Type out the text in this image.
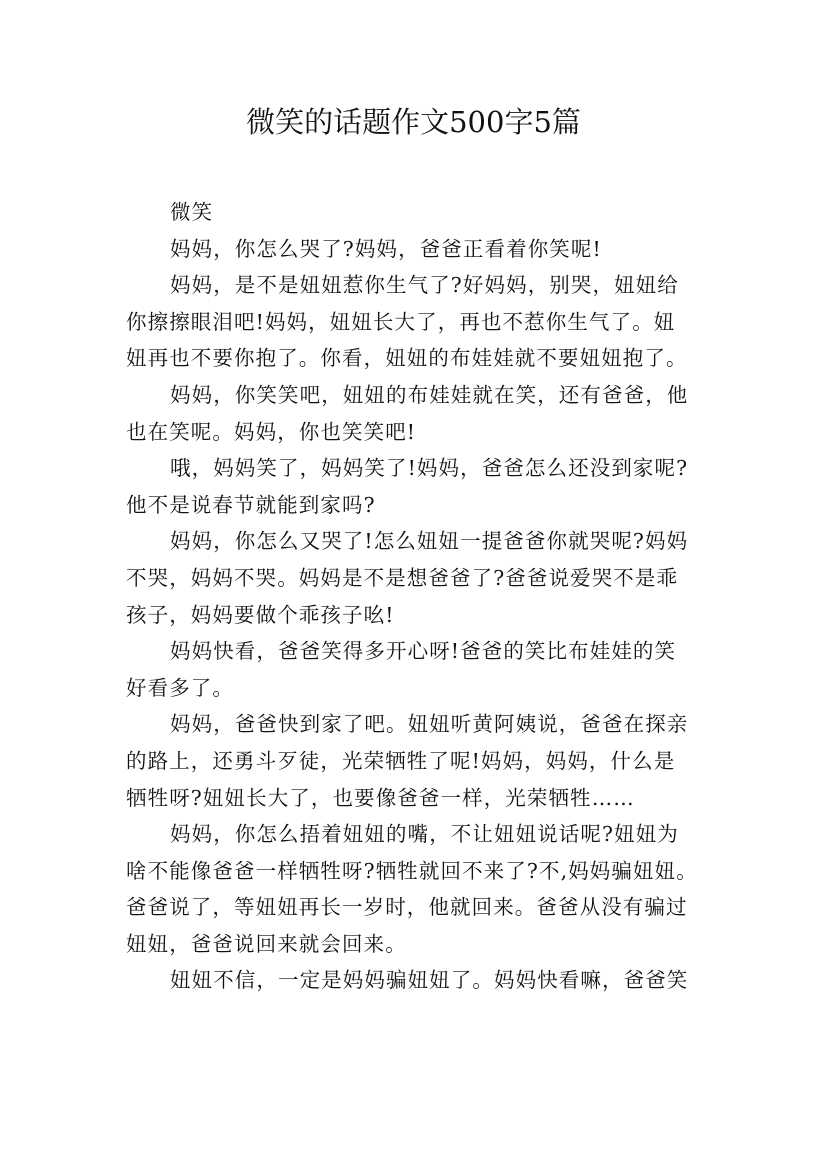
微笑的话题作文500字5篇
微笑
妈妈，你怎么哭了?妈妈，爸爸正看着你笑呢!
妈妈，是不是妞妞惹你生气了?好妈妈，别哭，妞妞给
你擦擦眼泪吧!妈妈，妞妞长大了，再也不惹你生气了。妞
妞再也不要你抱了。你看，妞妞的布娃娃就不要妞妞抱了。
妈妈，你笑笑吧，妞妞的布娃娃就在笑，还有爸爸，他
也在笑呢。妈妈，你也笑笑吧!
哦，妈妈笑了，妈妈笑了!妈妈，爸爸怎么还没到家呢?
他不是说春节就能到家吗?
妈妈，你怎么又哭了!怎么妞妞一提爸爸你就哭呢?妈妈
不哭，妈妈不哭。妈妈是不是想爸爸了?爸爸说爱哭不是乖
孩子，妈妈要做个乖孩子吆!
妈妈快看，爸爸笑得多开心呀!爸爸的笑比布娃娃的笑
好看多了。
妈妈，爸爸快到家了吧。妞妞听黄阿姨说，爸爸在探亲
的路上，还勇斗歹徒，光荣牺牲了呢!妈妈，妈妈，什么是
牺牲呀?妞妞长大了，也要像爸爸一样，光荣牺牲……
妈妈，你怎么捂着妞妞的嘴，不让妞妞说话呢?妞妞为
啥不能像爸爸一样牺牲呀?牺牲就回不来了?不,妈妈骗妞妞。
爸爸说了，等妞妞再长一岁时，他就回来。爸爸从没有骗过
妞妞，爸爸说回来就会回来。
妞妞不信，一定是妈妈骗妞妞了。妈妈快看嘛，爸爸笑
